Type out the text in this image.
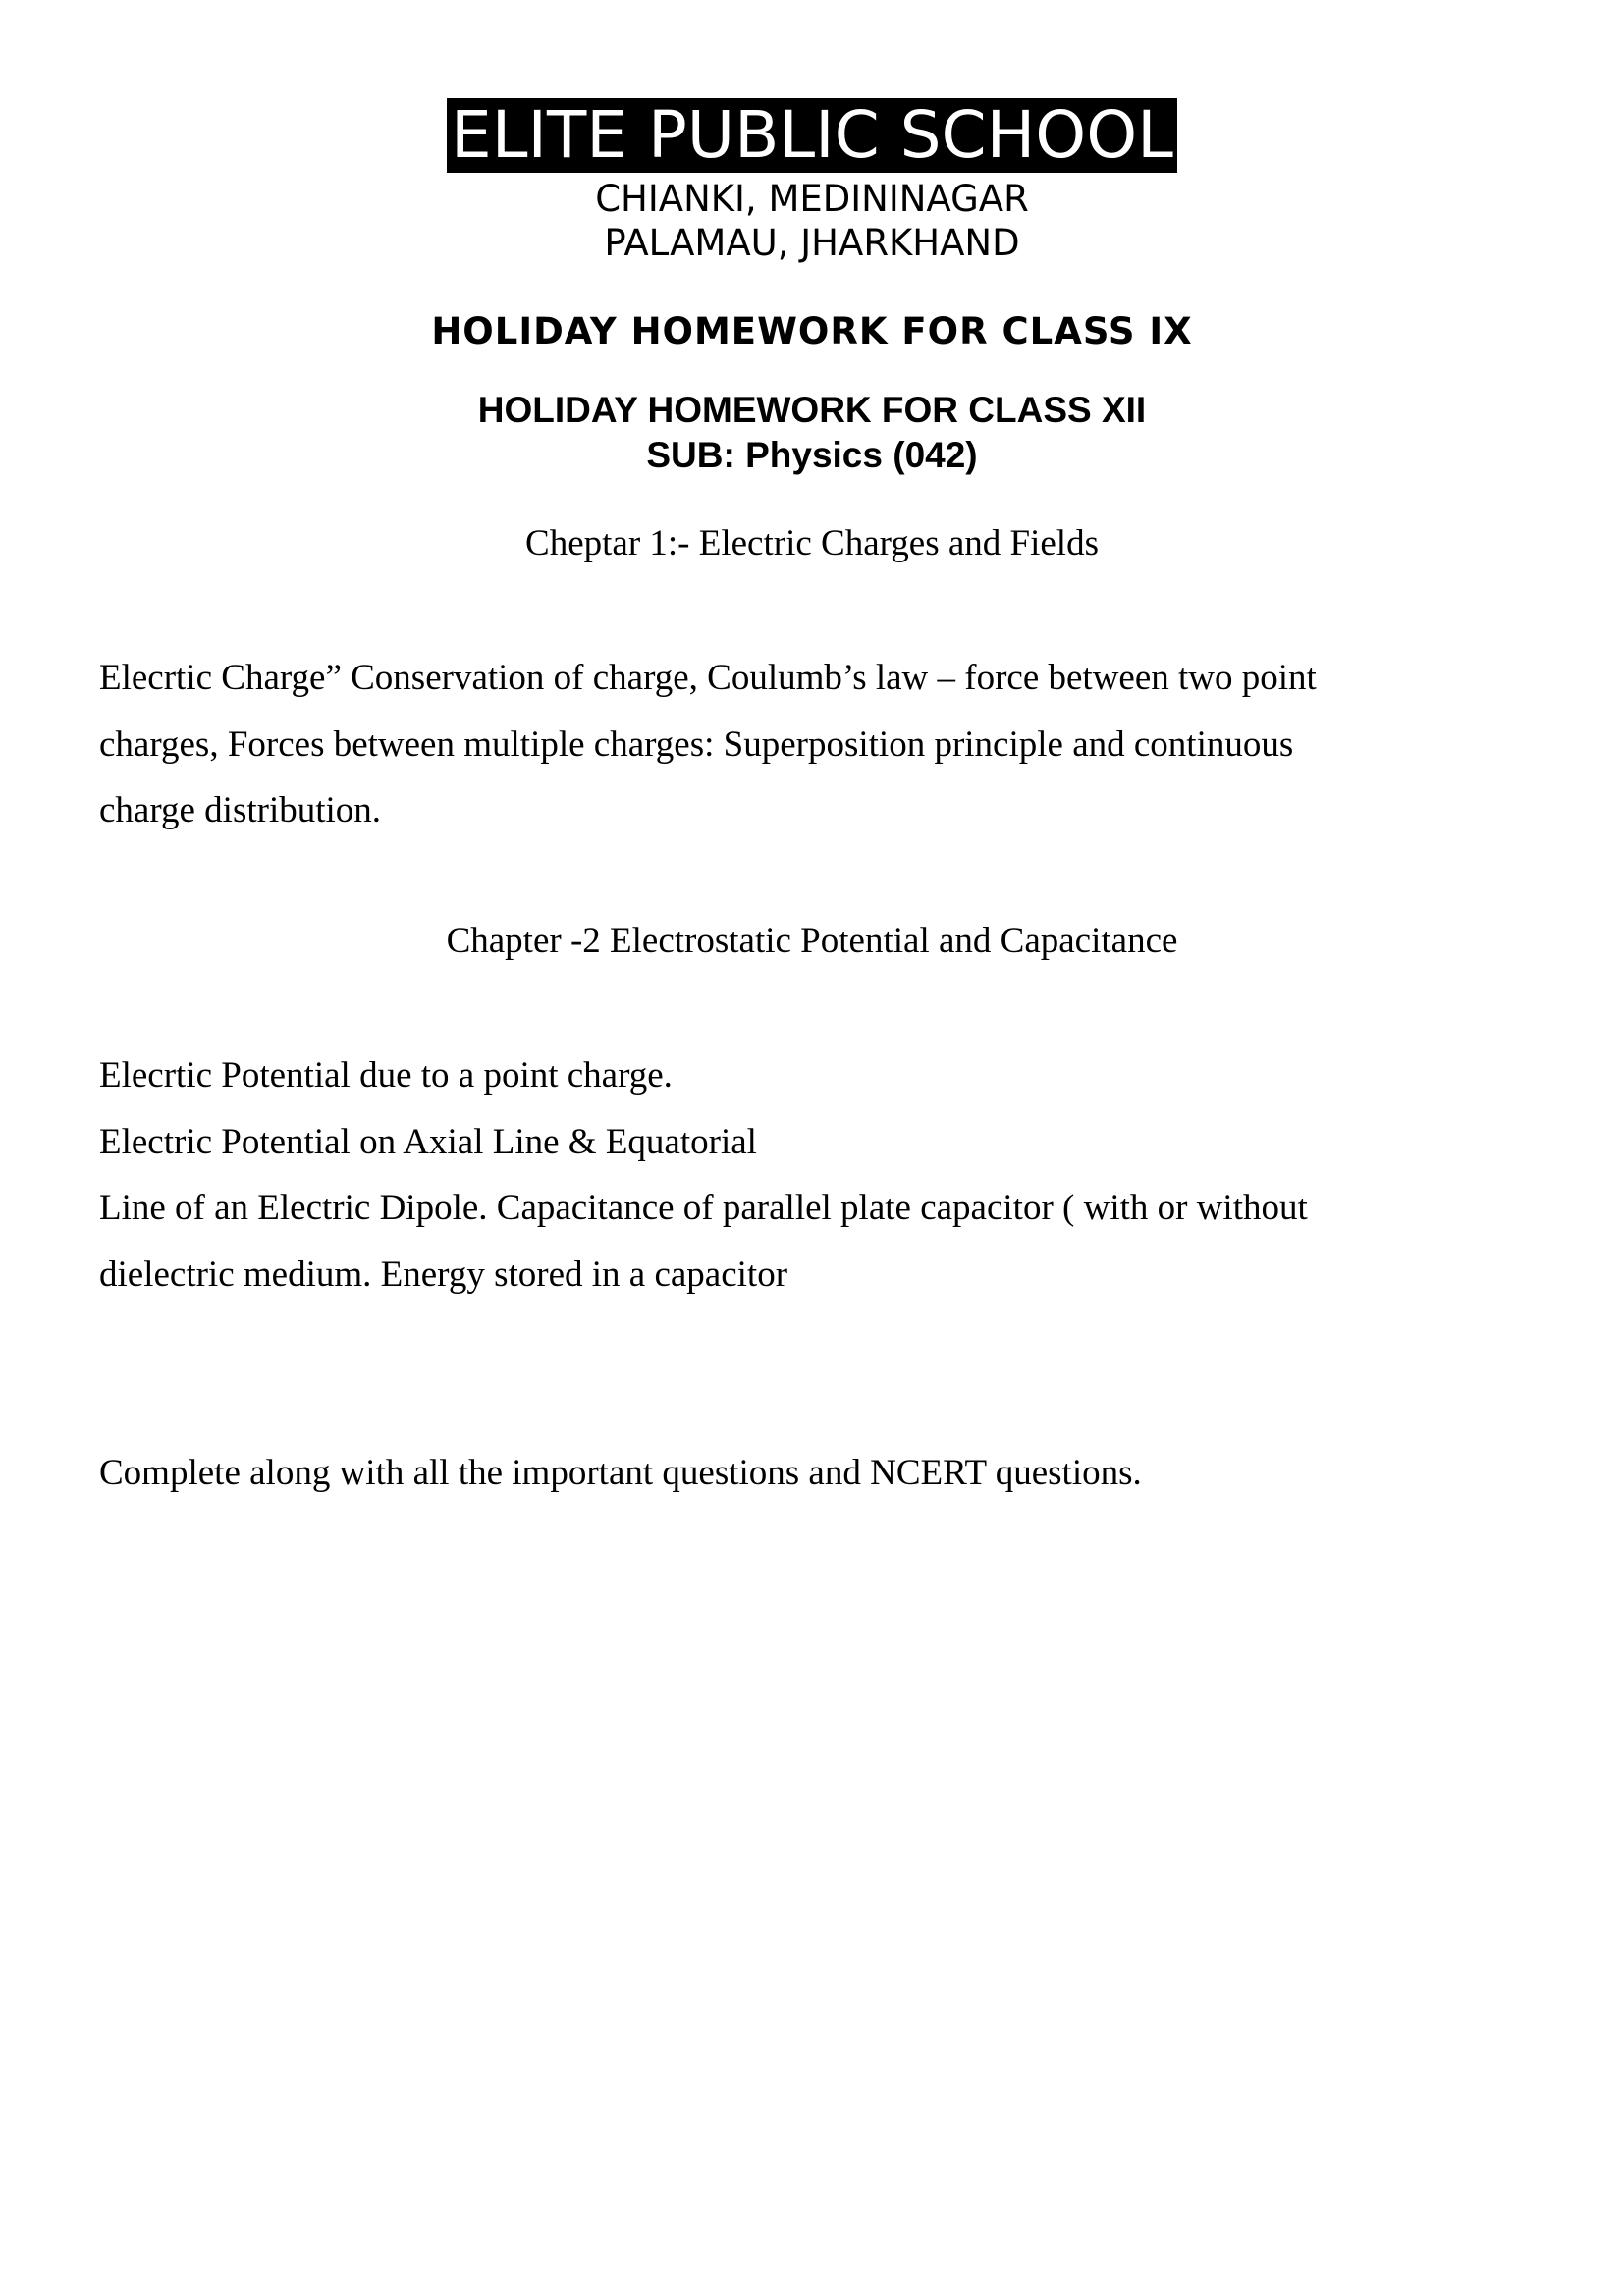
ELITE PUBLIC SCHOOL
CHIANKI, MEDININAGAR
PALAMAU, JHARKHAND
HOLIDAY HOMEWORK FOR CLASS IX
HOLIDAY HOMEWORK FOR CLASS XII
SUB: Physics (042)
Cheptar 1:- Electric Charges and Fields
Elecrtic Charge” Conservation of charge, Coulumb’s law – force between two point
charges, Forces between multiple charges: Superposition principle and continuous
charge distribution.
Chapter -2 Electrostatic Potential and Capacitance
Elecrtic Potential due to a point charge.
Electric Potential on Axial Line & Equatorial
Line of an Electric Dipole. Capacitance of parallel plate capacitor ( with or without
dielectric medium. Energy stored in a capacitor
Complete along with all the important questions and NCERT questions.
